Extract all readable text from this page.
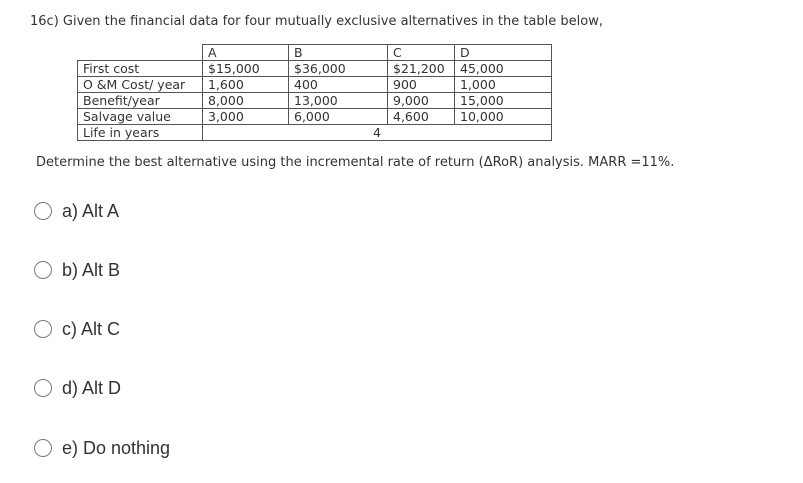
16c) Given the financial data for four mutually exclusive alternatives in the table below,
	A	B	C	D
First cost	$15,000	$36,000	$21,200	45,000
O &M Cost/ year	1,600	400	900	1,000
Benefit/year	8,000	13,000	9,000	15,000
Salvage value	3,000	6,000	4,600	10,000
Life in years	4			
Determine the best alternative using the incremental rate of return (ΔRoR) analysis. MARR =11%.
a) Alt A
b) Alt B
c) Alt C
d) Alt D
e) Do nothing
